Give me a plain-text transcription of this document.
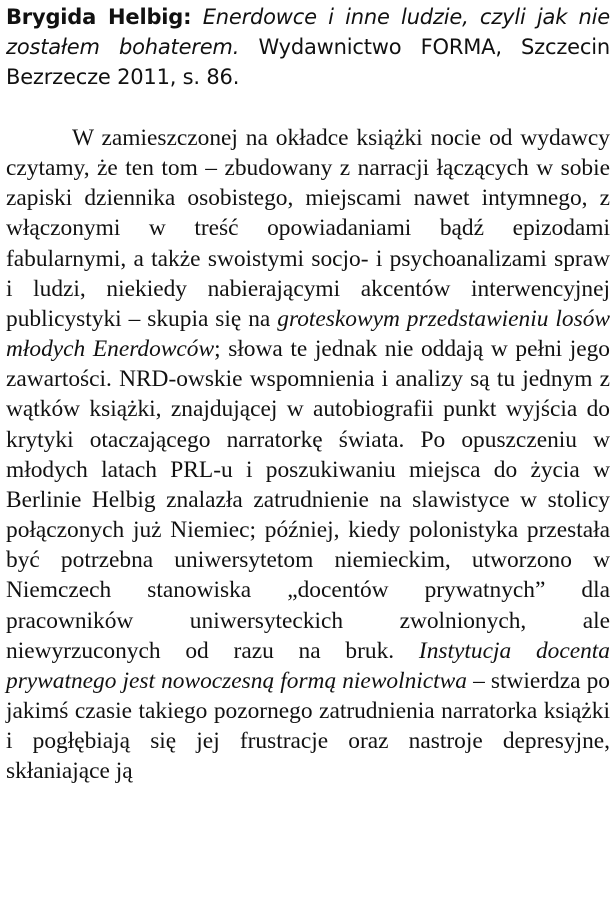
Brygida Helbig: Enerdowce i inne ludzie, czyli jak nie zostałem bohaterem. Wydawnictwo FORMA, Szczecin Bezrzecze 2011, s. 86.

W zamieszczonej na okładce książki nocie od wydawcy czytamy, że ten tom – zbudowany z narracji łączących w sobie zapiski dziennika osobistego, miejscami nawet intymnego, z włączonymi w treść opowiadaniami bądź epizodami fabularnymi, a także swoistymi socjo- i psychoanalizami spraw i ludzi, niekiedy nabierającymi akcentów interwencyjnej publicystyki – skupia się na groteskowym przedstawieniu losów młodych Enerdowców; słowa te jednak nie oddają w pełni jego zawartości. NRD-owskie wspomnienia i analizy są tu jednym z wątków książki, znajdującej w autobiografii punkt wyjścia do krytyki otaczającego narratorkę świata. Po opuszczeniu w młodych latach PRL-u i poszukiwaniu miejsca do życia w Berlinie Helbig znalazła zatrudnienie na slawistyce w stolicy połączonych już Niemiec; później, kiedy polonistyka przestała być potrzebna uniwersytetom niemieckim, utworzono w Niemczech stanowiska „docentów prywatnych” dla pracowników uniwersyteckich zwolnionych, ale niewyrzuconych od razu na bruk. Instytucja docenta prywatnego jest nowoczesną formą niewolnictwa – stwierdza po jakimś czasie takiego pozornego zatrudnienia narratorka książki i pogłębiają się jej frustracje oraz nastroje depresyjne, skłaniające ją
